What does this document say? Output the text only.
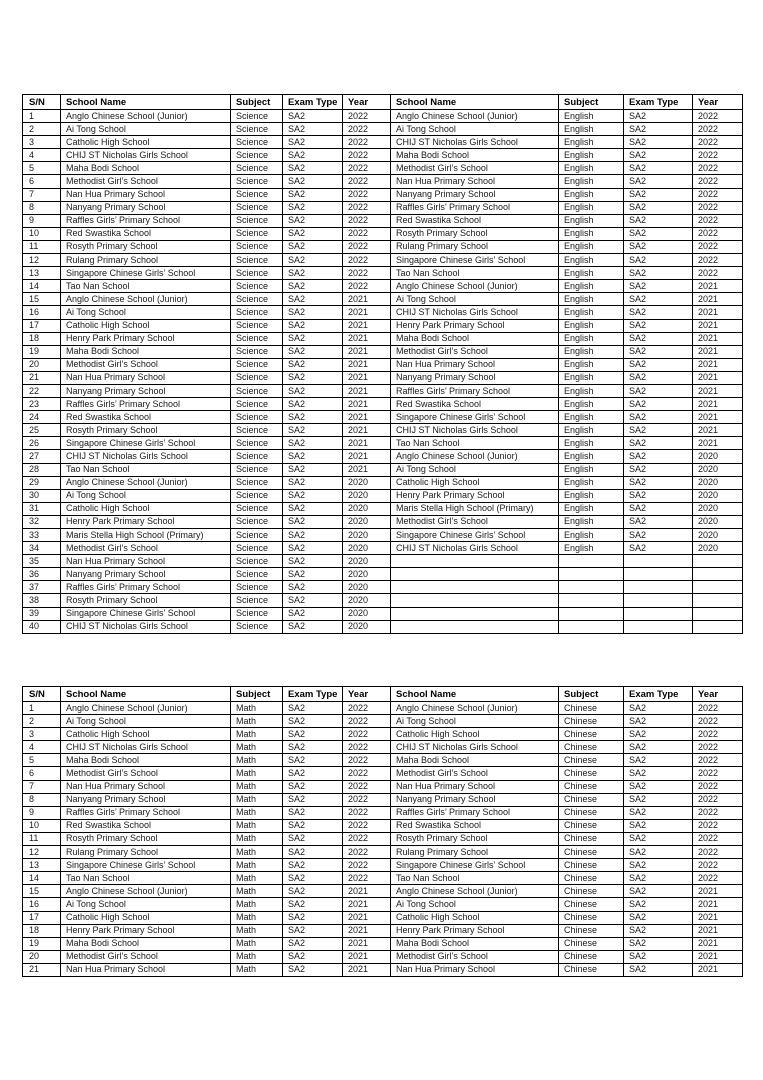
S/N	School Name	Subject	Exam Type	Year	School Name	Subject	Exam Type	Year
1	Anglo Chinese School (Junior)	Science	SA2	2022	Anglo Chinese School (Junior)	English	SA2	2022
2	Ai Tong School	Science	SA2	2022	Ai Tong School	English	SA2	2022
3	Catholic High School	Science	SA2	2022	CHIJ ST Nicholas Girls School	English	SA2	2022
4	CHIJ ST Nicholas Girls School	Science	SA2	2022	Maha Bodi School	English	SA2	2022
5	Maha Bodi School	Science	SA2	2022	Methodist Girl’s School	English	SA2	2022
6	Methodist Girl’s School	Science	SA2	2022	Nan Hua Primary School	English	SA2	2022
7	Nan Hua Primary School	Science	SA2	2022	Nanyang Primary School	English	SA2	2022
8	Nanyang Primary School	Science	SA2	2022	Raffles Girls’ Primary School	English	SA2	2022
9	Raffles Girls’ Primary School	Science	SA2	2022	Red Swastika School	English	SA2	2022
10	Red Swastika School	Science	SA2	2022	Rosyth Primary School	English	SA2	2022
11	Rosyth Primary School	Science	SA2	2022	Rulang Primary School	English	SA2	2022
12	Rulang Primary School	Science	SA2	2022	Singapore Chinese Girls’ School	English	SA2	2022
13	Singapore Chinese Girls’ School	Science	SA2	2022	Tao Nan School	English	SA2	2022
14	Tao Nan School	Science	SA2	2022	Anglo Chinese School (Junior)	English	SA2	2021
15	Anglo Chinese School (Junior)	Science	SA2	2021	Ai Tong School	English	SA2	2021
16	Ai Tong School	Science	SA2	2021	CHIJ ST Nicholas Girls School	English	SA2	2021
17	Catholic High School	Science	SA2	2021	Henry Park Primary School	English	SA2	2021
18	Henry Park Primary School	Science	SA2	2021	Maha Bodi School	English	SA2	2021
19	Maha Bodi School	Science	SA2	2021	Methodist Girl’s School	English	SA2	2021
20	Methodist Girl’s School	Science	SA2	2021	Nan Hua Primary School	English	SA2	2021
21	Nan Hua Primary School	Science	SA2	2021	Nanyang Primary School	English	SA2	2021
22	Nanyang Primary School	Science	SA2	2021	Raffles Girls’ Primary School	English	SA2	2021
23	Raffles Girls’ Primary School	Science	SA2	2021	Red Swastika School	English	SA2	2021
24	Red Swastika School	Science	SA2	2021	Singapore Chinese Girls’ School	English	SA2	2021
25	Rosyth Primary School	Science	SA2	2021	CHIJ ST Nicholas Girls School	English	SA2	2021
26	Singapore Chinese Girls’ School	Science	SA2	2021	Tao Nan School	English	SA2	2021
27	CHIJ ST Nicholas Girls School	Science	SA2	2021	Anglo Chinese School (Junior)	English	SA2	2020
28	Tao Nan School	Science	SA2	2021	Ai Tong School	English	SA2	2020
29	Anglo Chinese School (Junior)	Science	SA2	2020	Catholic High School	English	SA2	2020
30	Ai Tong School	Science	SA2	2020	Henry Park Primary School	English	SA2	2020
31	Catholic High School	Science	SA2	2020	Maris Stella High School (Primary)	English	SA2	2020
32	Henry Park Primary School	Science	SA2	2020	Methodist Girl’s School	English	SA2	2020
33	Maris Stella High School (Primary)	Science	SA2	2020	Singapore Chinese Girls’ School	English	SA2	2020
34	Methodist Girl’s School	Science	SA2	2020	CHIJ ST Nicholas Girls School	English	SA2	2020
35	Nan Hua Primary School	Science	SA2	2020				
36	Nanyang Primary School	Science	SA2	2020				
37	Raffles Girls’ Primary School	Science	SA2	2020				
38	Rosyth Primary School	Science	SA2	2020				
39	Singapore Chinese Girls’ School	Science	SA2	2020				
40	CHIJ ST Nicholas Girls School	Science	SA2	2020				
S/N	School Name	Subject	Exam Type	Year	School Name	Subject	Exam Type	Year
1	Anglo Chinese School (Junior)	Math	SA2	2022	Anglo Chinese School (Junior)	Chinese	SA2	2022
2	Ai Tong School	Math	SA2	2022	Ai Tong School	Chinese	SA2	2022
3	Catholic High School	Math	SA2	2022	Catholic High School	Chinese	SA2	2022
4	CHIJ ST Nicholas Girls School	Math	SA2	2022	CHIJ ST Nicholas Girls School	Chinese	SA2	2022
5	Maha Bodi School	Math	SA2	2022	Maha Bodi School	Chinese	SA2	2022
6	Methodist Girl’s School	Math	SA2	2022	Methodist Girl’s School	Chinese	SA2	2022
7	Nan Hua Primary School	Math	SA2	2022	Nan Hua Primary School	Chinese	SA2	2022
8	Nanyang Primary School	Math	SA2	2022	Nanyang Primary School	Chinese	SA2	2022
9	Raffles Girls’ Primary School	Math	SA2	2022	Raffles Girls’ Primary School	Chinese	SA2	2022
10	Red Swastika School	Math	SA2	2022	Red Swastika School	Chinese	SA2	2022
11	Rosyth Primary School	Math	SA2	2022	Rosyth Primary School	Chinese	SA2	2022
12	Rulang Primary School	Math	SA2	2022	Rulang Primary School	Chinese	SA2	2022
13	Singapore Chinese Girls’ School	Math	SA2	2022	Singapore Chinese Girls’ School	Chinese	SA2	2022
14	Tao Nan School	Math	SA2	2022	Tao Nan School	Chinese	SA2	2022
15	Anglo Chinese School (Junior)	Math	SA2	2021	Anglo Chinese School (Junior)	Chinese	SA2	2021
16	Ai Tong School	Math	SA2	2021	Ai Tong School	Chinese	SA2	2021
17	Catholic High School	Math	SA2	2021	Catholic High School	Chinese	SA2	2021
18	Henry Park Primary School	Math	SA2	2021	Henry Park Primary School	Chinese	SA2	2021
19	Maha Bodi School	Math	SA2	2021	Maha Bodi School	Chinese	SA2	2021
20	Methodist Girl’s School	Math	SA2	2021	Methodist Girl’s School	Chinese	SA2	2021
21	Nan Hua Primary School	Math	SA2	2021	Nan Hua Primary School	Chinese	SA2	2021
